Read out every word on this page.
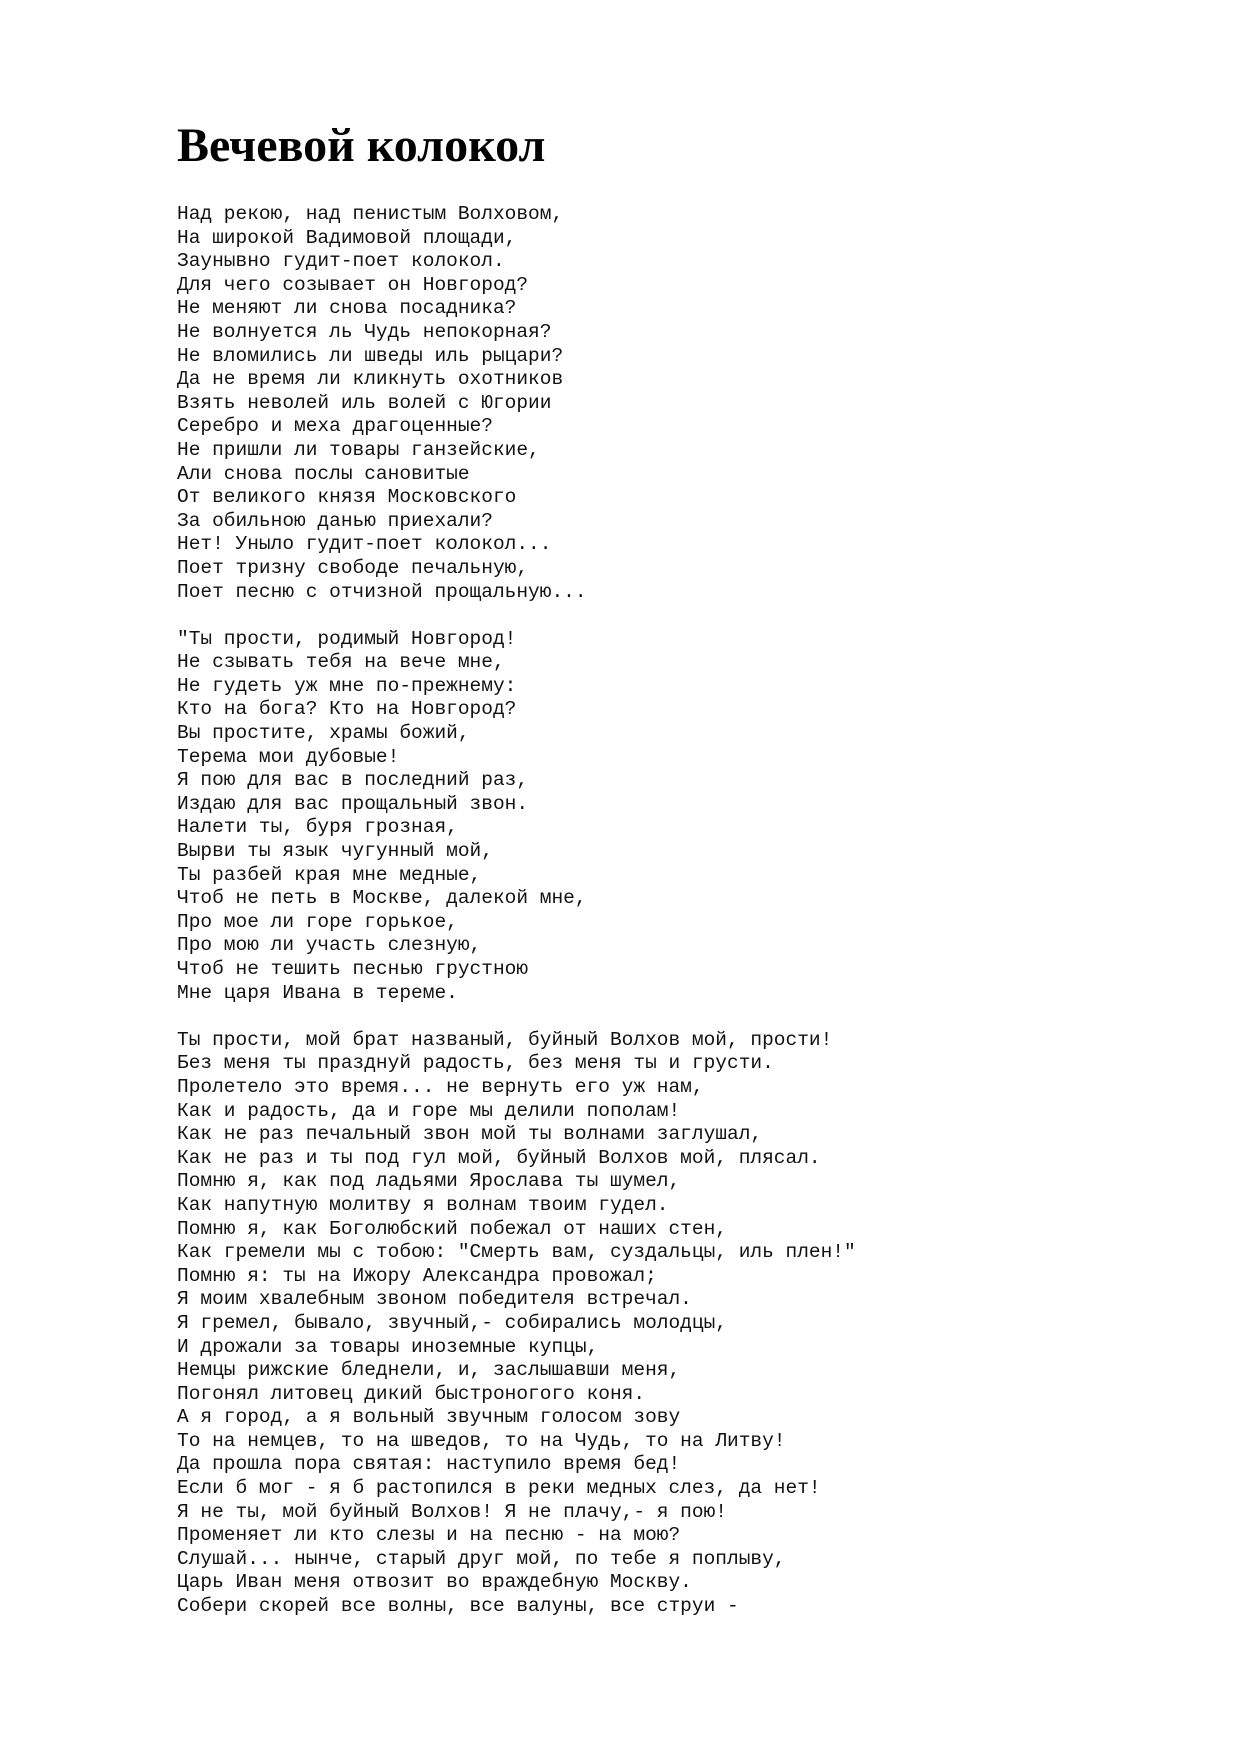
Вечевой колокол
Над рекою, над пенистым Волховом,
На широкой Вадимовой площади,
Заунывно гудит-поет колокол.
Для чего созывает он Новгород?
Не меняют ли снова посадника?
Не волнуется ль Чудь непокорная?
Не вломились ли шведы иль рыцари?
Да не время ли кликнуть охотников
Взять неволей иль волей с Югории
Серебро и меха драгоценные?
Не пришли ли товары ганзейские,
Али снова послы сановитые
От великого князя Московского
За обильною данью приехали?
Нет! Уныло гудит-поет колокол...
Поет тризну свободе печальную,
Поет песню с отчизной прощальную...
"Ты прости, родимый Новгород!
Не сзывать тебя на вече мне,
Не гудеть уж мне по-прежнему:
Кто на бога? Кто на Новгород?
Вы простите, храмы божий,
Терема мои дубовые!
Я пою для вас в последний раз,
Издаю для вас прощальный звон.
Налети ты, буря грозная,
Вырви ты язык чугунный мой,
Ты разбей края мне медные,
Чтоб не петь в Москве, далекой мне,
Про мое ли горе горькое,
Про мою ли участь слезную,
Чтоб не тешить песнью грустною
Мне царя Ивана в тереме.
Ты прости, мой брат названый, буйный Волхов мой, прости!
Без меня ты празднуй радость, без меня ты и грусти.
Пролетело это время... не вернуть его уж нам,
Как и радость, да и горе мы делили пополам!
Как не раз печальный звон мой ты волнами заглушал,
Как не раз и ты под гул мой, буйный Волхов мой, плясал.
Помню я, как под ладьями Ярослава ты шумел,
Как напутную молитву я волнам твоим гудел.
Помню я, как Боголюбский побежал от наших стен,
Как гремели мы с тобою: "Смерть вам, суздальцы, иль плен!"
Помню я: ты на Ижору Александра провожал;
Я моим хвалебным звоном победителя встречал.
Я гремел, бывало, звучный,- собирались молодцы,
И дрожали за товары иноземные купцы,
Немцы рижские бледнели, и, заслышавши меня,
Погонял литовец дикий быстроногого коня.
А я город, а я вольный звучным голосом зову
То на немцев, то на шведов, то на Чудь, то на Литву!
Да прошла пора святая: наступило время бед!
Если б мог - я б растопился в реки медных слез, да нет!
Я не ты, мой буйный Волхов! Я не плачу,- я пою!
Променяет ли кто слезы и на песню - на мою?
Слушай... нынче, старый друг мой, по тебе я поплыву,
Царь Иван меня отвозит во враждебную Москву.
Собери скорей все волны, все валуны, все струи -
